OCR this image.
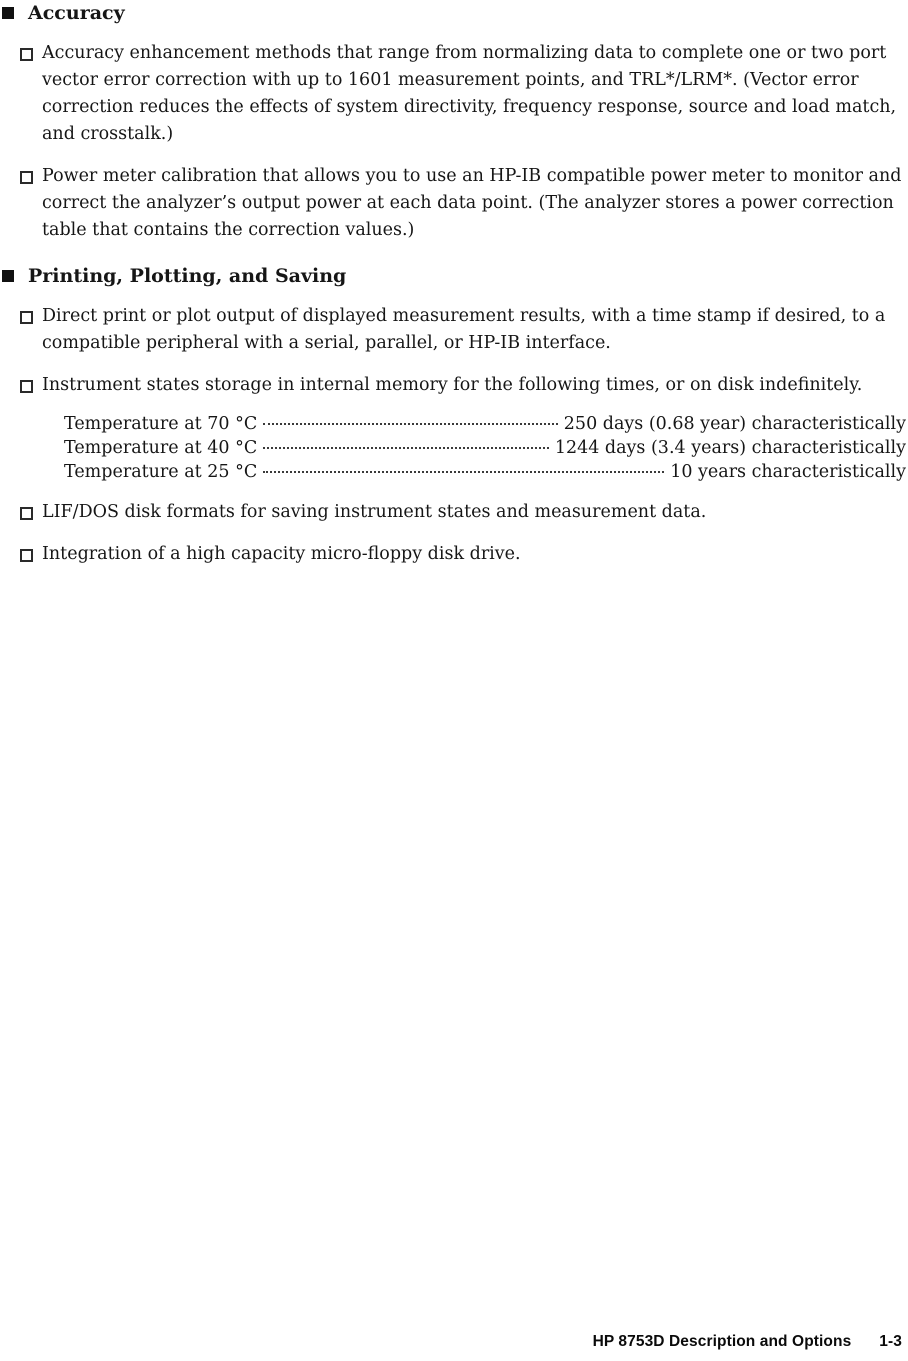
Accuracy

Accuracy enhancement methods that range from normalizing data to complete one or two port vector error correction with up to 1601 measurement points, and TRL*/LRM*. (Vector error correction reduces the effects of system directivity, frequency response, source and load match, and crosstalk.)

Power meter calibration that allows you to use an HP-IB compatible power meter to monitor and correct the analyzer’s output power at each data point. (The analyzer stores a power correction table that contains the correction values.)

Printing, Plotting, and Saving

Direct print or plot output of displayed measurement results, with a time stamp if desired, to a compatible peripheral with a serial, parallel, or HP-IB interface.

Instrument states storage in internal memory for the following times, or on disk indefinitely.

Temperature at 70 °C	250 days (0.68 year) characteristically
Temperature at 40 °C	1244 days (3.4 years) characteristically
Temperature at 25 °C	10 years characteristically

LIF/DOS disk formats for saving instrument states and measurement data.

Integration of a high capacity micro-floppy disk drive.

HP 8753D Description and Options 1-3
